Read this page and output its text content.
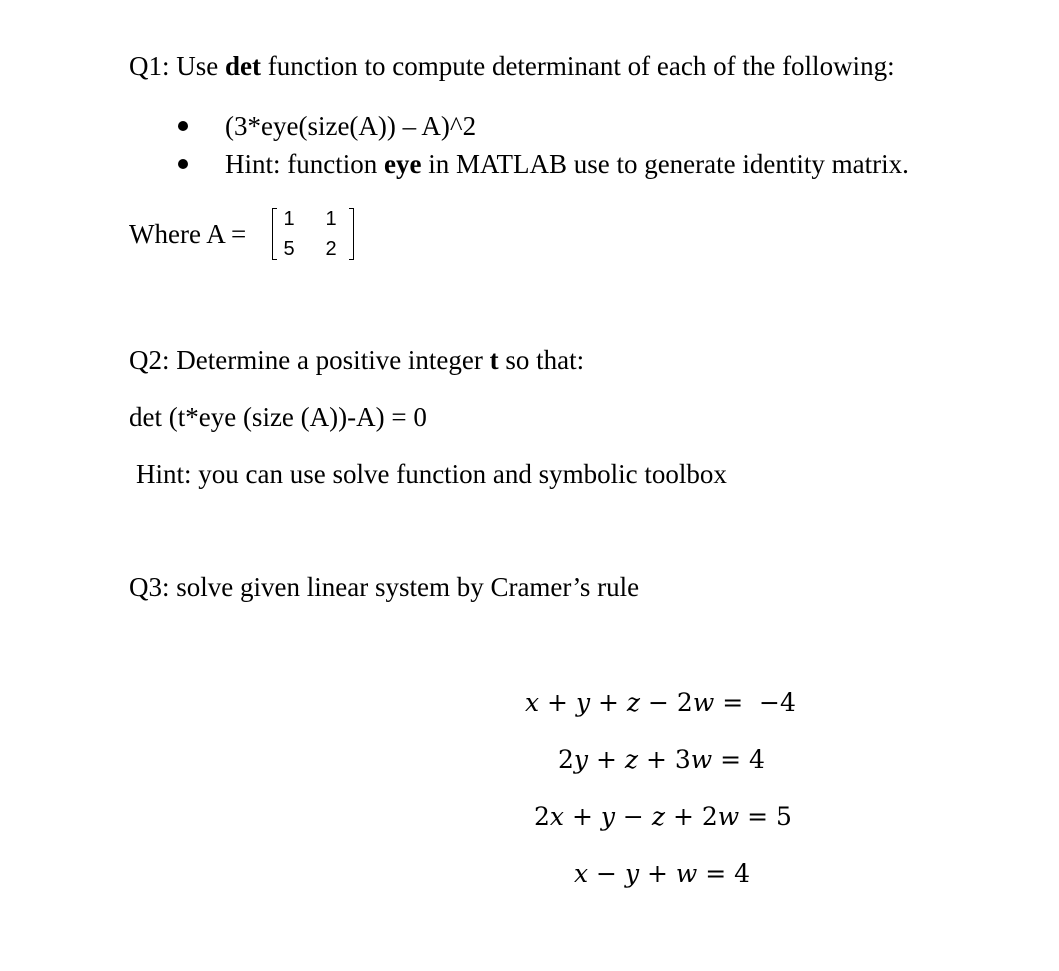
Q1: Use det function to compute determinant of each of the following:
(3*eye(size(A)) – A)^2
Hint: function eye in MATLAB use to generate identity matrix.
Where A = 1 1
5 2
Q2: Determine a positive integer t so that:
det (t*eye (size (A))-A) = 0
Hint: you can use solve function and symbolic toolbox
Q3: solve given linear system by Cramer’s rule
x + y + z − 2w =  −4
2y + z + 3w = 4
2x + y − z + 2w = 5
x − y + w = 4
